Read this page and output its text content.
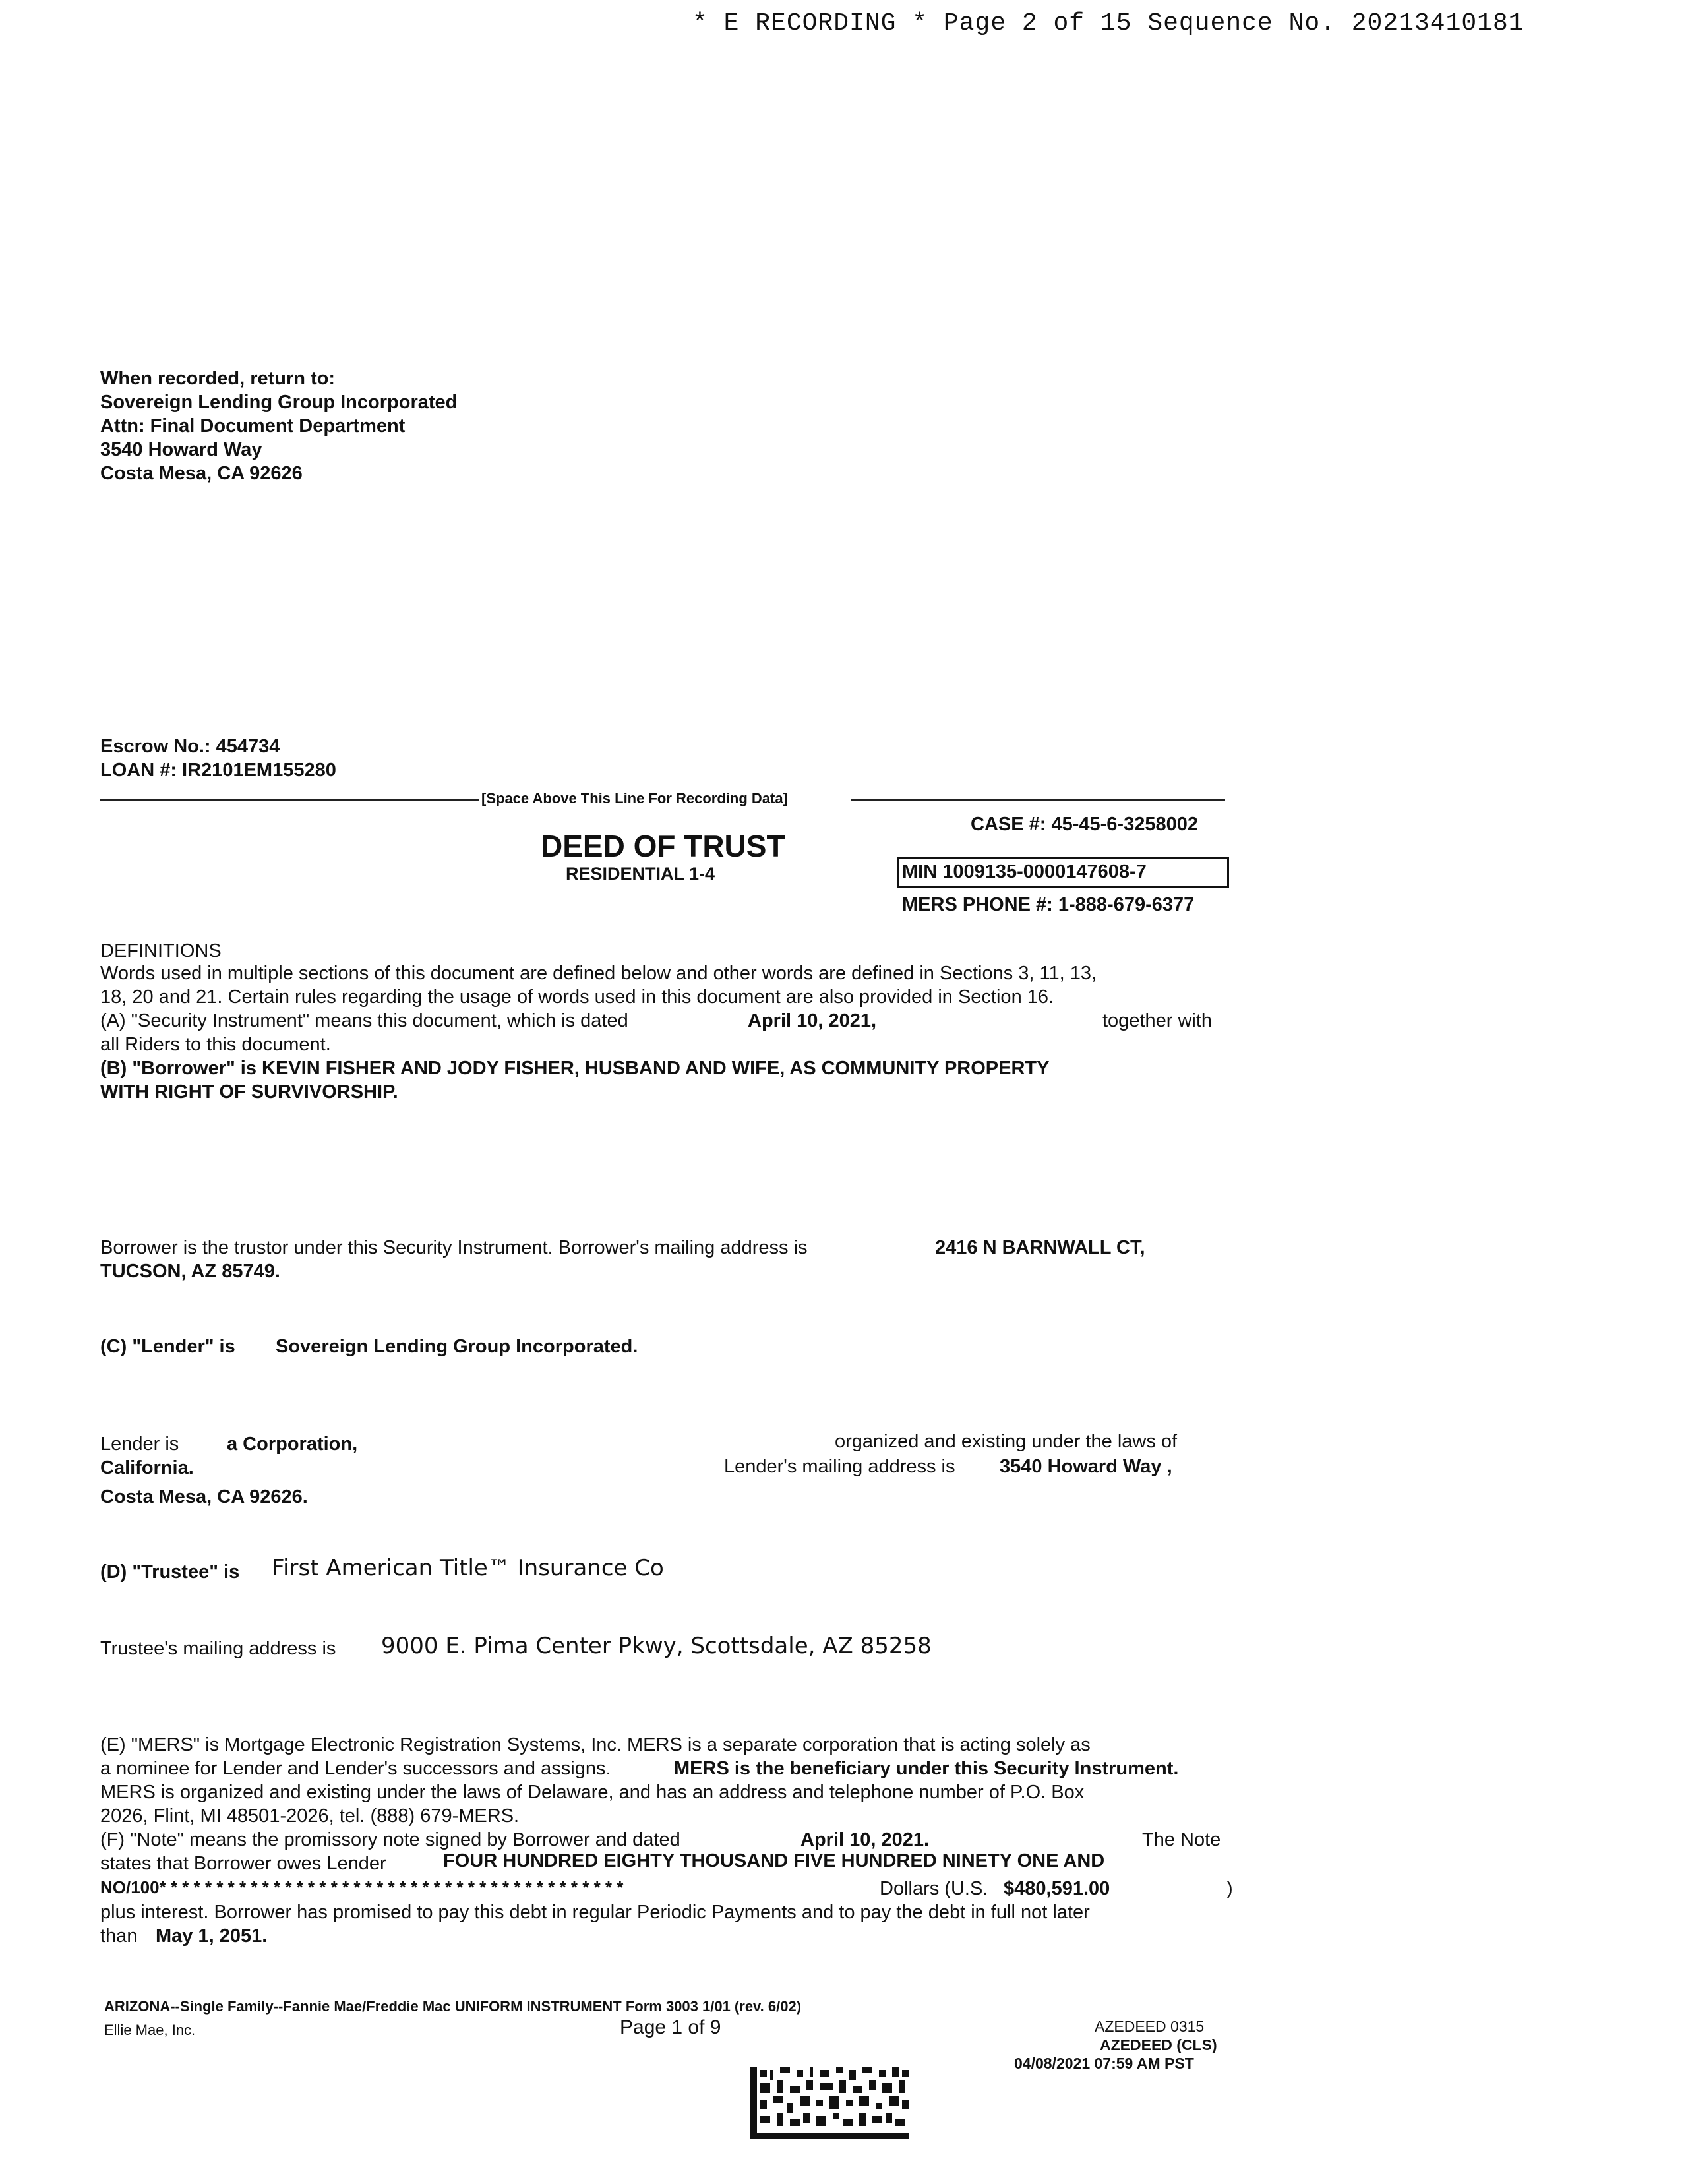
* E RECORDING * Page 2 of 15 Sequence No. 20213410181
When recorded, return to:
Sovereign Lending Group Incorporated
Attn: Final Document Department
3540 Howard Way
Costa Mesa, CA 92626
Escrow No.: 454734
LOAN #: IR2101EM155280
[Space Above This Line For Recording Data]
CASE #: 45-45-6-3258002
DEED OF TRUST
RESIDENTIAL 1-4	MIN 1009135-0000147608-7
MERS PHONE #: 1-888-679-6377
DEFINITIONS
Words used in multiple sections of this document are defined below and other words are defined in Sections 3, 11, 13,
18, 20 and 21. Certain rules regarding the usage of words used in this document are also provided in Section 16.
(A) "Security Instrument" means this document, which is dated	April 10, 2021,	together with
all Riders to this document.
(B) "Borrower" is KEVIN FISHER AND JODY FISHER, HUSBAND AND WIFE, AS COMMUNITY PROPERTY
WITH RIGHT OF SURVIVORSHIP.
Borrower is the trustor under this Security Instrument. Borrower's mailing address is	2416 N BARNWALL CT,
TUCSON, AZ 85749.
(C) "Lender" is Sovereign Lending Group Incorporated.
Lender is	a Corporation,	organized and existing under the laws of
California.	Lender's mailing address is 3540 Howard Way ,
Costa Mesa, CA 92626.
(D) "Trustee" is First American Title™ Insurance Co
Trustee's mailing address is 9000 E. Pima Center Pkwy, Scottsdale, AZ 85258
(E) "MERS" is Mortgage Electronic Registration Systems, Inc. MERS is a separate corporation that is acting solely as
a nominee for Lender and Lender's successors and assigns.	MERS is the beneficiary under this Security Instrument.
MERS is organized and existing under the laws of Delaware, and has an address and telephone number of P.O. Box
2026, Flint, MI 48501-2026, tel. (888) 679-MERS.
(F) "Note" means the promissory note signed by Borrower and dated	April 10, 2021.	The Note
states that Borrower owes Lender	FOUR HUNDRED EIGHTY THOUSAND FIVE HUNDRED NINETY ONE AND
NO/100* * * * * * * * * * * * * * * * * * * * * * * * * * * * * * * * * * * * * * * * *	Dollars (U.S. $480,591.00	)
plus interest. Borrower has promised to pay this debt in regular Periodic Payments and to pay the debt in full not later
than May 1, 2051.
ARIZONA--Single Family--Fannie Mae/Freddie Mac UNIFORM INSTRUMENT Form 3003 1/01 (rev. 6/02)
Ellie Mae, Inc.	Page 1 of 9	AZEDEED 0315
AZEDEED (CLS)
04/08/2021 07:59 AM PST
